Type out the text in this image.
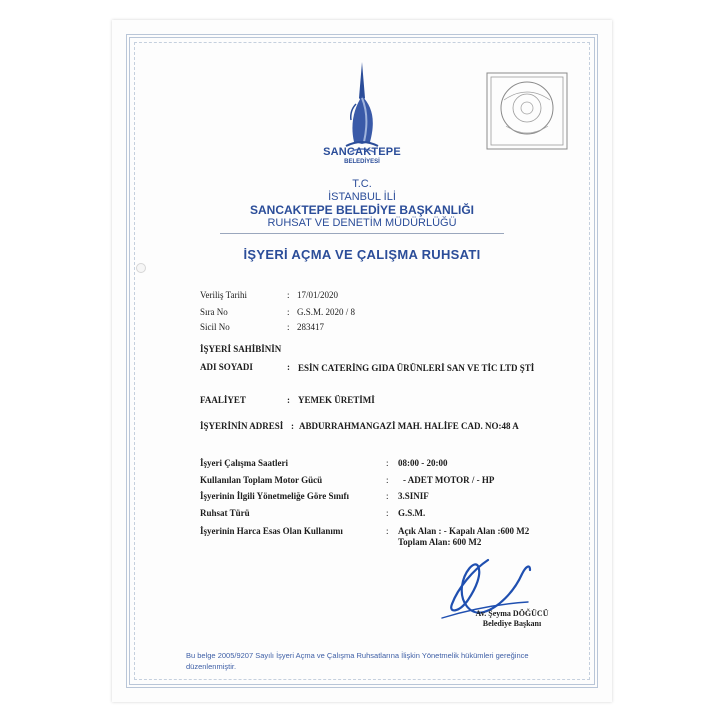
SANCAKTEPE
BELEDİYESİ
T.C.
İSTANBUL İLİ
SANCAKTEPE BELEDİYE BAŞKANLIĞI
RUHSAT VE DENETİM MÜDÜRLÜĞÜ
İŞYERİ AÇMA VE ÇALIŞMA RUHSATI
Veriliş Tarihi	: 17/01/2020
Sıra No	: G.S.M. 2020 / 8
Sicil No	: 283417
İŞYERİ SAHİBİNİN
ADI SOYADI	: ESİN CATERİNG GIDA ÜRÜNLERİ SAN VE TİC LTD ŞTİ
FAALİYET	: YEMEK ÜRETİMİ
İŞYERİNİN ADRESİ : ABDURRAHMANGAZİ MAH. HALİFE CAD. NO:48 A
İşyeri Çalışma Saatleri	: 08:00 - 20:00
Kullanılan Toplam Motor Gücü	: - ADET MOTOR / - HP
İşyerinin İlgili Yönetmeliğe Göre Sınıfı	: 3.SINIF
Ruhsat Türü	: G.S.M.
İşyerinin Harca Esas Olan Kullanımı	: Açık Alan : - Kapalı Alan :600 M2
Toplam Alan: 600 M2
Av. Şeyma DÖĞÜCÜ
Belediye Başkanı
Bu belge 2005/9207 Sayılı İşyeri Açma ve Çalışma Ruhsatlarına İlişkin Yönetmelik hükümleri gereğince düzenlenmiştir.
